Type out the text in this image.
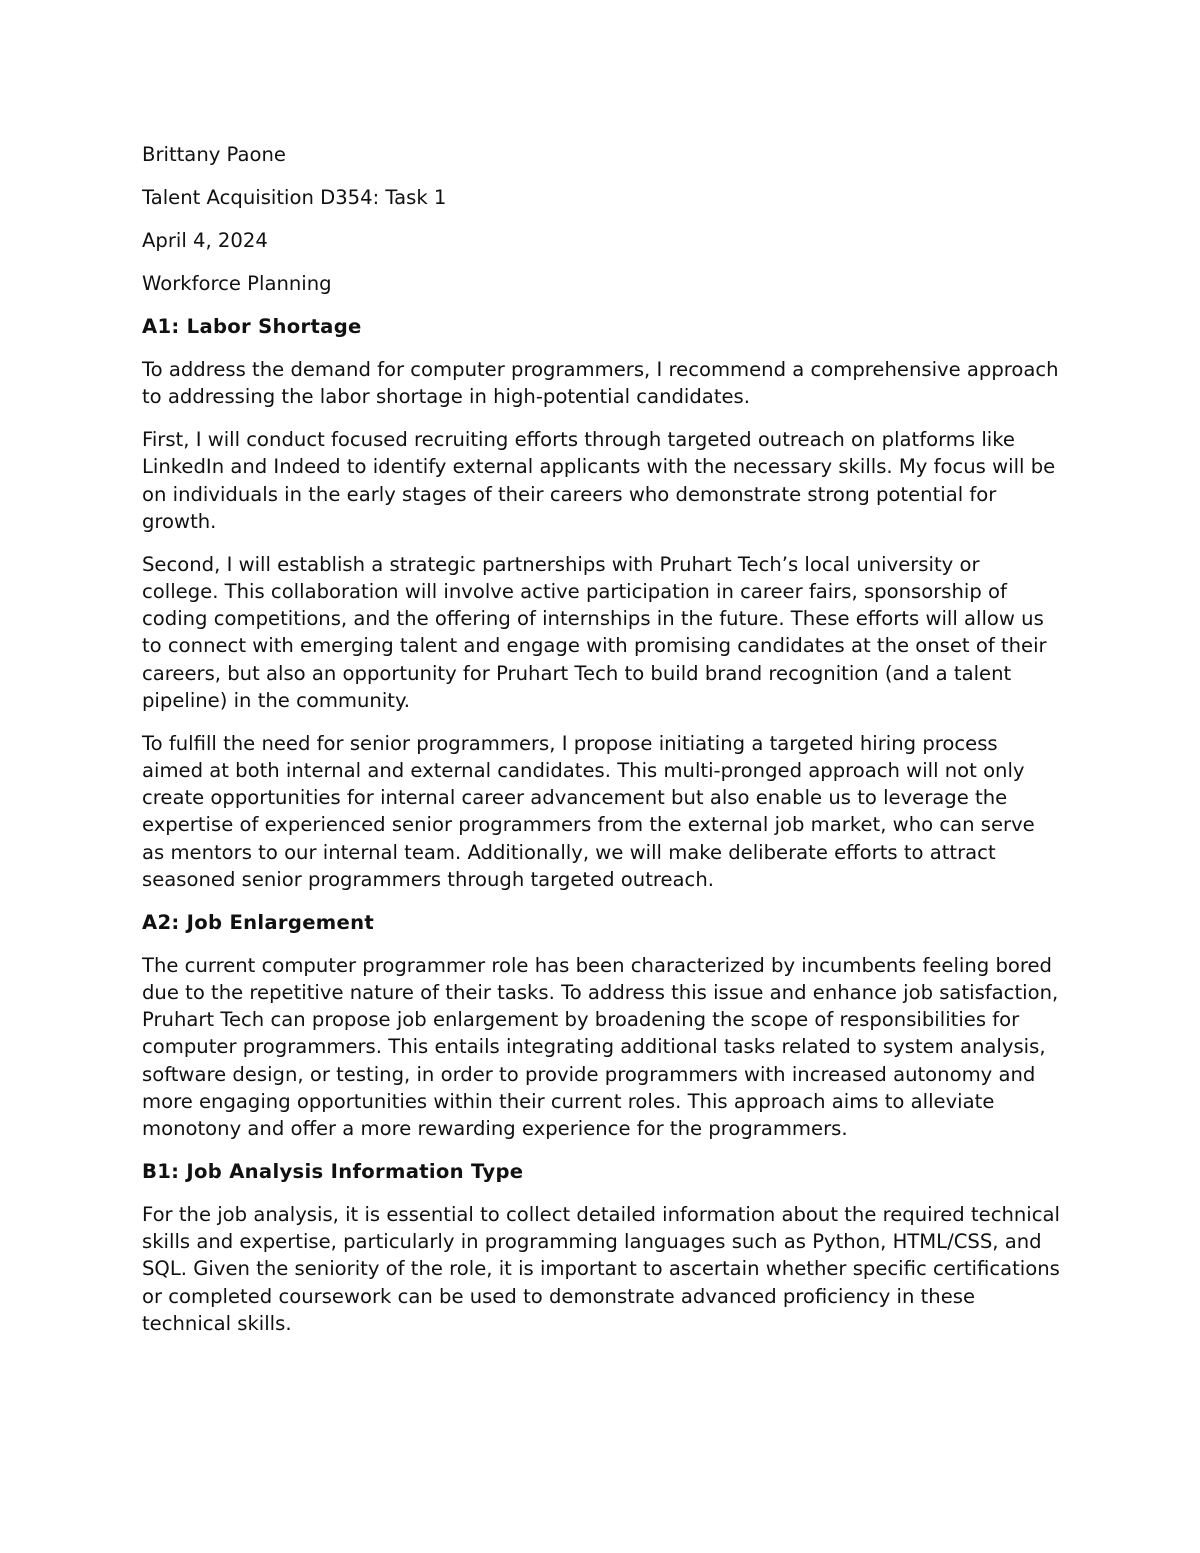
Brittany Paone

Talent Acquisition D354: Task 1

April 4, 2024

Workforce Planning

A1: Labor Shortage

To address the demand for computer programmers, I recommend a comprehensive approach to addressing the labor shortage in high-potential candidates.

First, I will conduct focused recruiting efforts through targeted outreach on platforms like LinkedIn and Indeed to identify external applicants with the necessary skills. My focus will be on individuals in the early stages of their careers who demonstrate strong potential for growth.

Second, I will establish a strategic partnerships with Pruhart Tech’s local university or college. This collaboration will involve active participation in career fairs, sponsorship of coding competitions, and the offering of internships in the future. These efforts will allow us to connect with emerging talent and engage with promising candidates at the onset of their careers, but also an opportunity for Pruhart Tech to build brand recognition (and a talent pipeline) in the community.

To fulfill the need for senior programmers, I propose initiating a targeted hiring process aimed at both internal and external candidates. This multi-pronged approach will not only create opportunities for internal career advancement but also enable us to leverage the expertise of experienced senior programmers from the external job market, who can serve as mentors to our internal team. Additionally, we will make deliberate efforts to attract seasoned senior programmers through targeted outreach.

A2: Job Enlargement

The current computer programmer role has been characterized by incumbents feeling bored due to the repetitive nature of their tasks. To address this issue and enhance job satisfaction, Pruhart Tech can propose job enlargement by broadening the scope of responsibilities for computer programmers. This entails integrating additional tasks related to system analysis, software design, or testing, in order to provide programmers with increased autonomy and more engaging opportunities within their current roles. This approach aims to alleviate monotony and offer a more rewarding experience for the programmers.

B1: Job Analysis Information Type

For the job analysis, it is essential to collect detailed information about the required technical skills and expertise, particularly in programming languages such as Python, HTML/CSS, and SQL. Given the seniority of the role, it is important to ascertain whether specific certifications or completed coursework can be used to demonstrate advanced proficiency in these technical skills.
